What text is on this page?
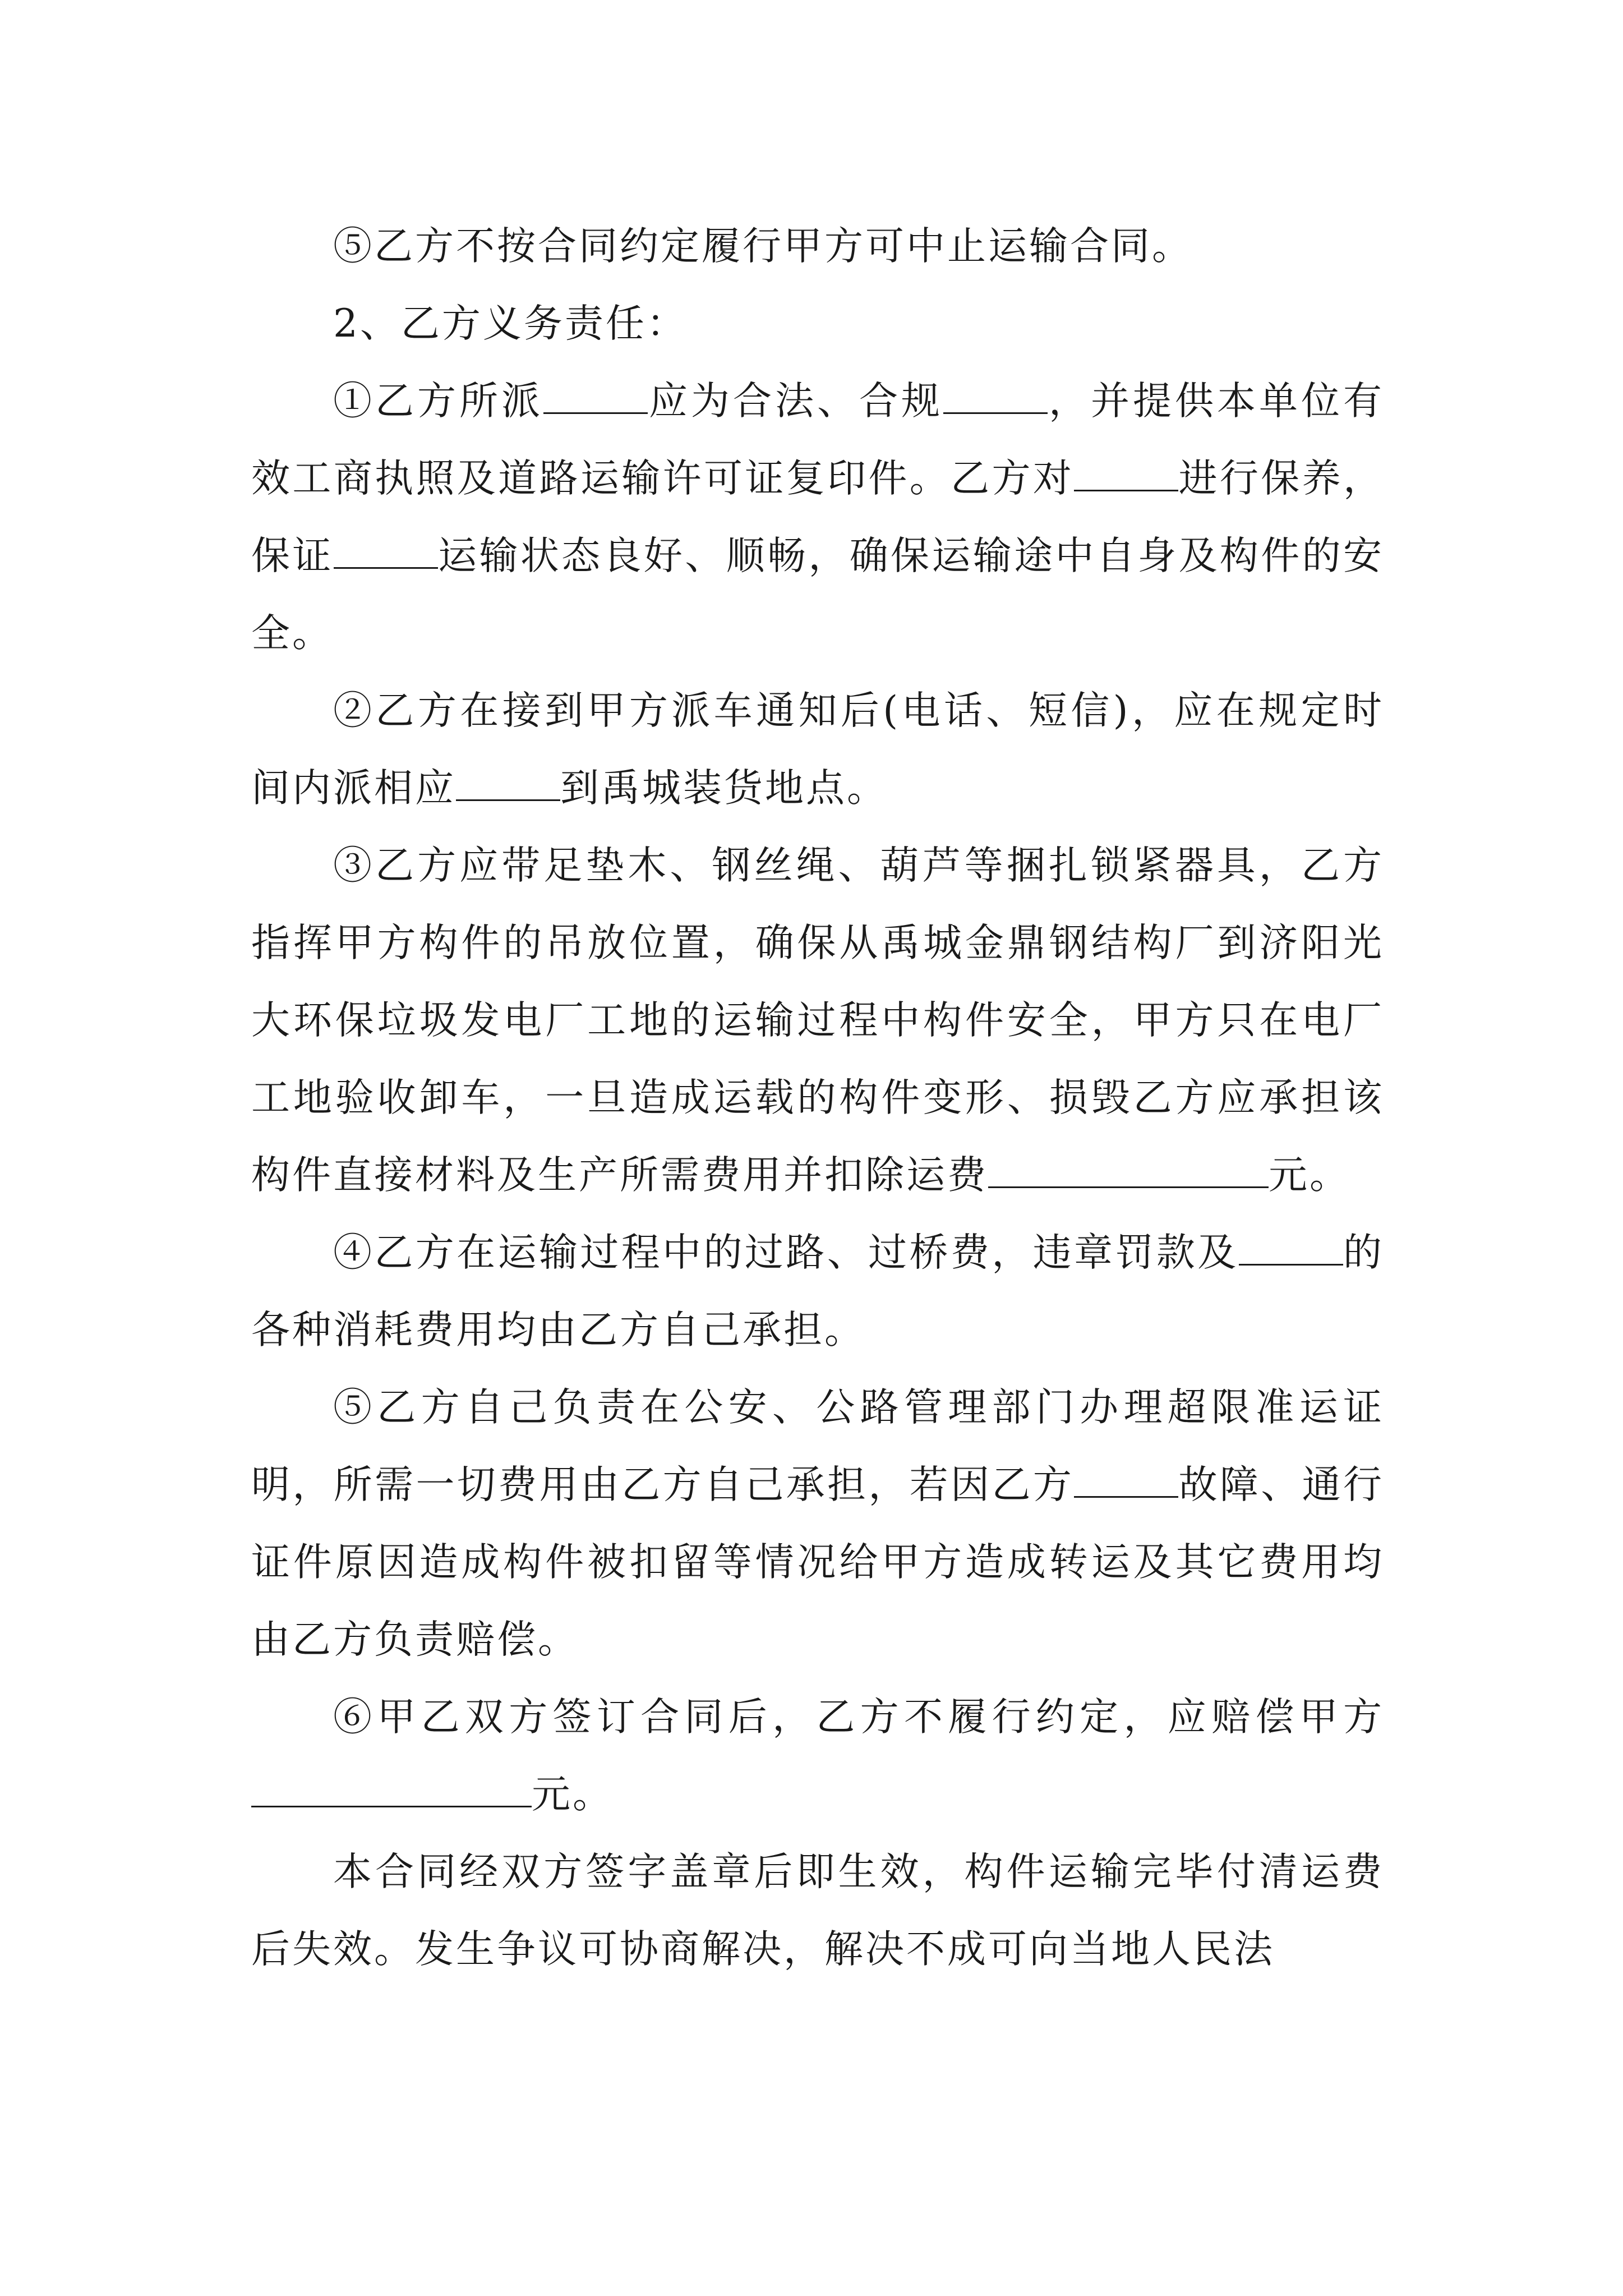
⑤乙方不按合同约定履行甲方可中止运输合同。

2、乙方义务责任：

①乙方所派	应为合法、合规	，并提供本单位有效工商执照及道路运输许可证复印件。乙方对	进行保养，保证	运输状态良好、顺畅，确保运输途中自身及构件的安全。

②乙方在接到甲方派车通知后(电话、短信)，应在规定时间内派相应	到禹城装货地点。

③乙方应带足垫木、钢丝绳、葫芦等捆扎锁紧器具，乙方指挥甲方构件的吊放位置，确保从禹城金鼎钢结构厂到济阳光大环保垃圾发电厂工地的运输过程中构件安全，甲方只在电厂工地验收卸车，一旦造成运载的构件变形、损毁乙方应承担该构件直接材料及生产所需费用并扣除运费	元。

④乙方在运输过程中的过路、过桥费，违章罚款及	的各种消耗费用均由乙方自己承担。

⑤乙方自己负责在公安、公路管理部门办理超限准运证明，所需一切费用由乙方自己承担，若因乙方	故障、通行证件原因造成构件被扣留等情况给甲方造成转运及其它费用均由乙方负责赔偿。

⑥甲乙双方签订合同后，乙方不履行约定，应赔偿甲方元。

本合同经双方签字盖章后即生效，构件运输完毕付清运费后失效。发生争议可协商解决，解决不成可向当地人民法
